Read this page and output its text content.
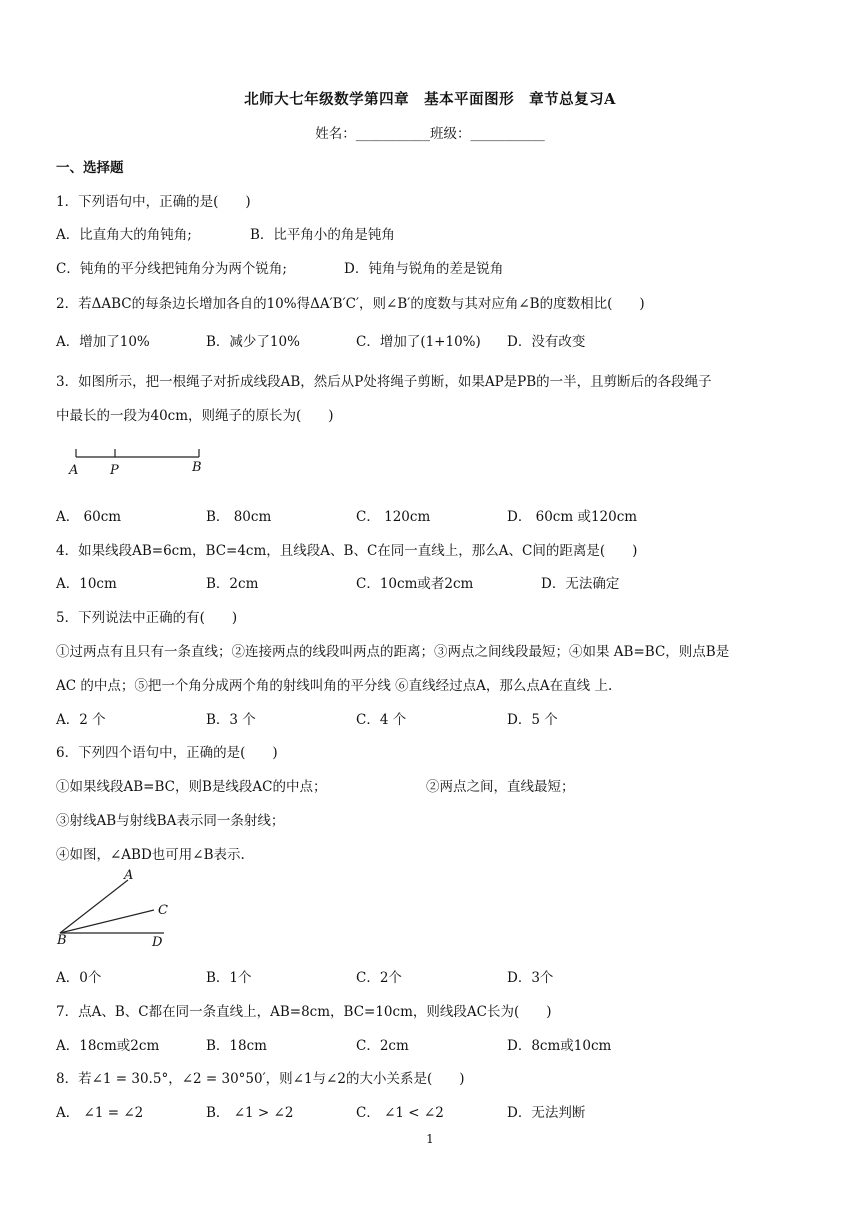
北师大七年级数学第四章　基本平面图形　章节总复习A
姓名：___________班级：___________
一、选择题
1．下列语句中，正确的是(　　)
A．比直角大的角钝角;	B．比平角小的角是钝角
C．钝角的平分线把钝角分为两个锐角;	D．钝角与锐角的差是锐角
2．若ΔABC的每条边长增加各自的10%得ΔA′B′C′，则∠B′的度数与其对应角∠B的度数相比(　　)
A．增加了10%	B．减少了10%	C．增加了(1+10%) D．没有改变
3．如图所示，把一根绳子对折成线段AB，然后从P处将绳子剪断，如果AP是PB的一半，且剪断后的各段绳子
中最长的一段为40cm，则绳子的原长为(　　)
A P	B
A． 60cm	B． 80cm	C． 120cm	D． 60cm 或120cm
4．如果线段AB=6cm，BC=4cm，且线段A、B、C在同一直线上，那么A、C间的距离是(　　)
A．10cm	B．2cm	C．10cm或者2cm	D．无法确定
5．下列说法中正确的有(　　)
①过两点有且只有一条直线；②连接两点的线段叫两点的距离；③两点之间线段最短；④如果 AB=BC，则点B是
AC 的中点；⑤把一个角分成两个角的射线叫角的平分线 ⑥直线经过点A，那么点A在直线 上.
A．2 个	B．3 个	C．4 个	D．5 个
6．下列四个语句中，正确的是(　　)
①如果线段AB=BC，则B是线段AC的中点；	②两点之间，直线最短；
③射线AB与射线BA表示同一条射线；
④如图，∠ABD也可用∠B表示.
A
C
B	D
A．0个	B．1个	C．2个	D．3个
7．点A、B、C都在同一条直线上，AB=8cm，BC=10cm，则线段AC长为(　　)
A．18cm或2cm	B．18cm	C．2cm	D．8cm或10cm
8．若∠1 = 30.5°，∠2 = 30°50′，则∠1与∠2的大小关系是(　　)
A． ∠1 = ∠2	B． ∠1 > ∠2	C． ∠1 < ∠2	D．无法判断
1
